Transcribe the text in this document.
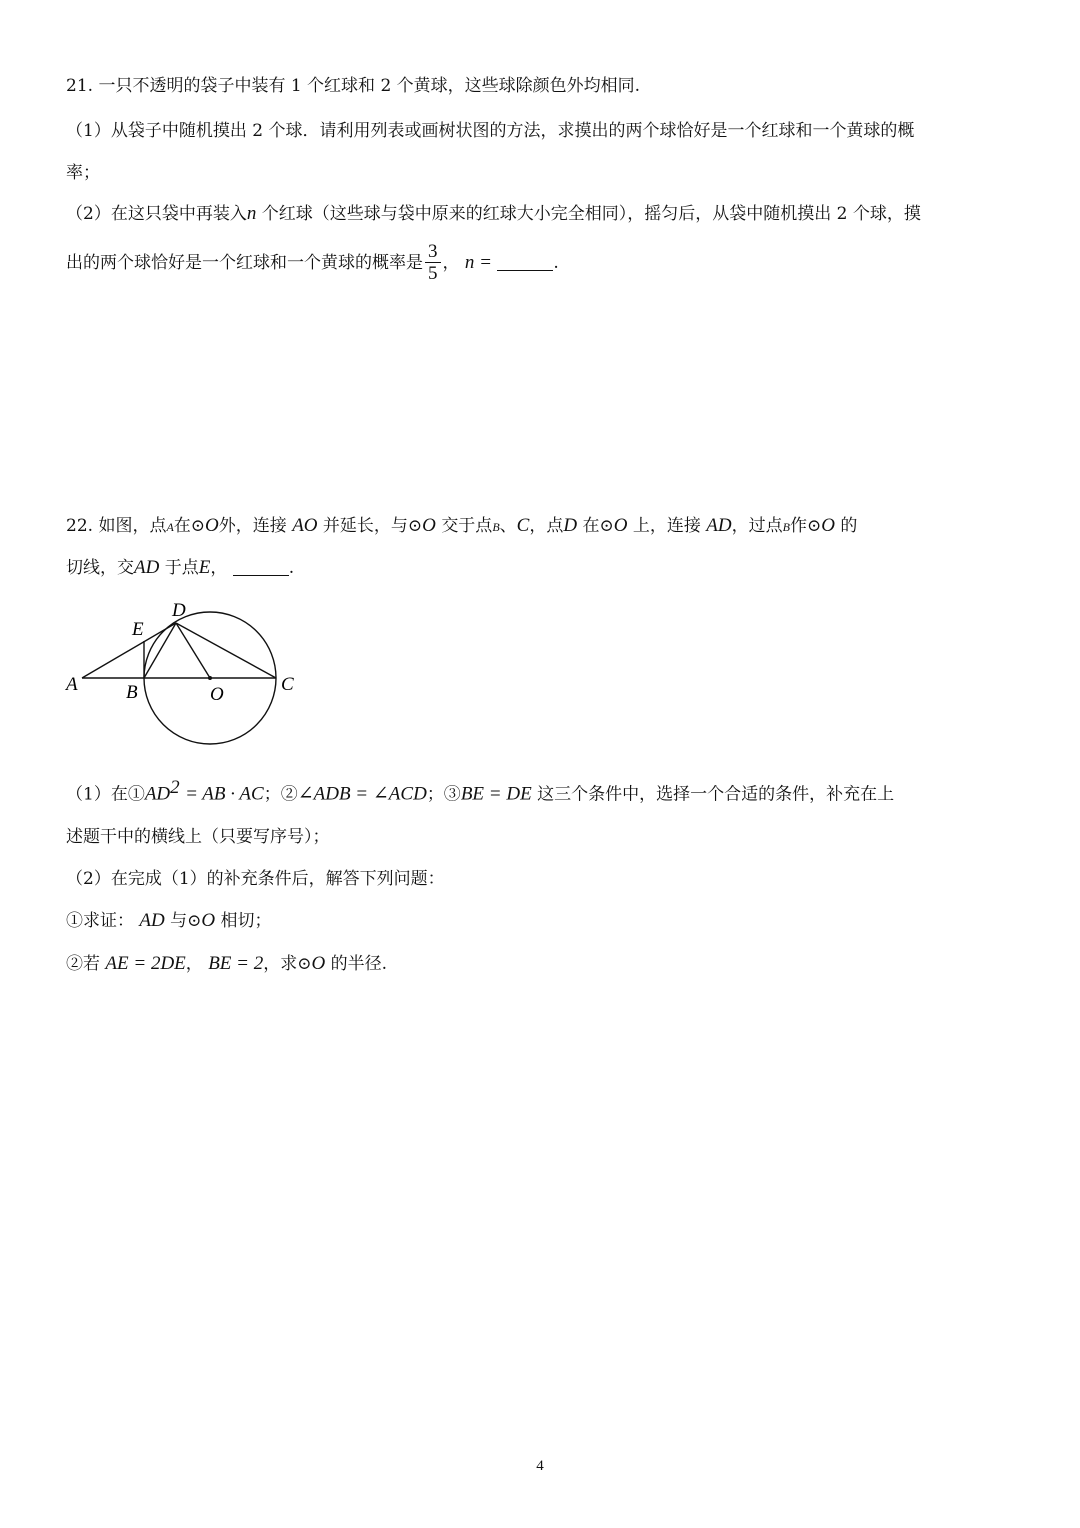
21. 一只不透明的袋子中装有 1 个红球和 2 个黄球，这些球除颜色外均相同.
（1）从袋子中随机摸出 2 个球．请利用列表或画树状图的方法，求摸出的两个球恰好是一个红球和一个黄球的概
率；
（2）在这只袋中再装入n 个红球（这些球与袋中原来的红球大小完全相同），摇匀后，从袋中随机摸出 2 个球，摸
出的两个球恰好是一个红球和一个黄球的概率是 $\frac{3}{5}$ ， n =	.
22. 如图，点A在⊙O外，连接 AO 并延长，与⊙O 交于点B、C，点D 在⊙O 上，连接 AD，过点B作⊙O 的
切线，交AD 于点E，	.
A	B	O	C
D
E
（1）在$①AD^2$ = AB · AC；②∠ADB = ∠ACD；③BE = DE 这三个条件中，选择一个合适的条件，补充在上
述题干中的横线上（只要写序号）；
（2）在完成（1）的补充条件后，解答下列问题：
①求证： AD 与⊙O 相切；
②若 AE = 2DE， BE = 2，求⊙O 的半径.
4
